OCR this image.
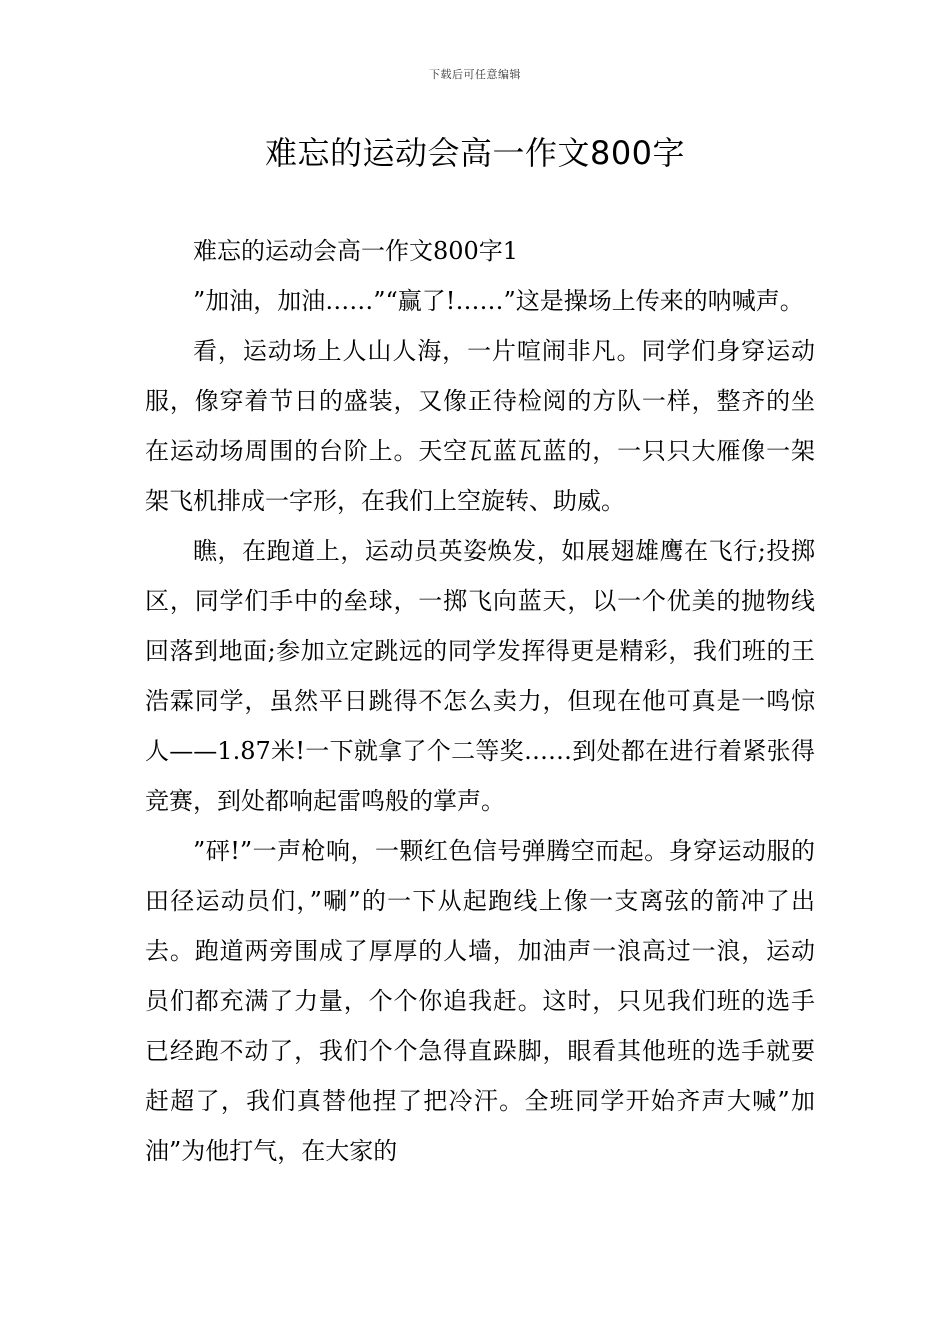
下载后可任意编辑
难忘的运动会高一作文800字

难忘的运动会高一作文800字1

”加油，加油……”“赢了!……”这是操场上传来的呐喊声。

看，运动场上人山人海，一片喧闹非凡。同学们身穿运动服，像穿着节日的盛装，又像正待检阅的方队一样，整齐的坐在运动场周围的台阶上。天空瓦蓝瓦蓝的，一只只大雁像一架架飞机排成一字形，在我们上空旋转、助威。

瞧，在跑道上，运动员英姿焕发，如展翅雄鹰在飞行;投掷区，同学们手中的垒球，一掷飞向蓝天，以一个优美的抛物线回落到地面;参加立定跳远的同学发挥得更是精彩，我们班的王浩霖同学，虽然平日跳得不怎么卖力，但现在他可真是一鸣惊人——1.87米!一下就拿了个二等奖……到处都在进行着紧张得竞赛，到处都响起雷鸣般的掌声。

”砰!”一声枪响，一颗红色信号弹腾空而起。身穿运动服的田径运动员们，”唰”的一下从起跑线上像一支离弦的箭冲了出去。跑道两旁围成了厚厚的人墙，加油声一浪高过一浪，运动员们都充满了力量，个个你追我赶。这时，只见我们班的选手已经跑不动了，我们个个急得直跺脚，眼看其他班的选手就要赶超了，我们真替他捏了把冷汗。全班同学开始齐声大喊”加油”为他打气，在大家的
